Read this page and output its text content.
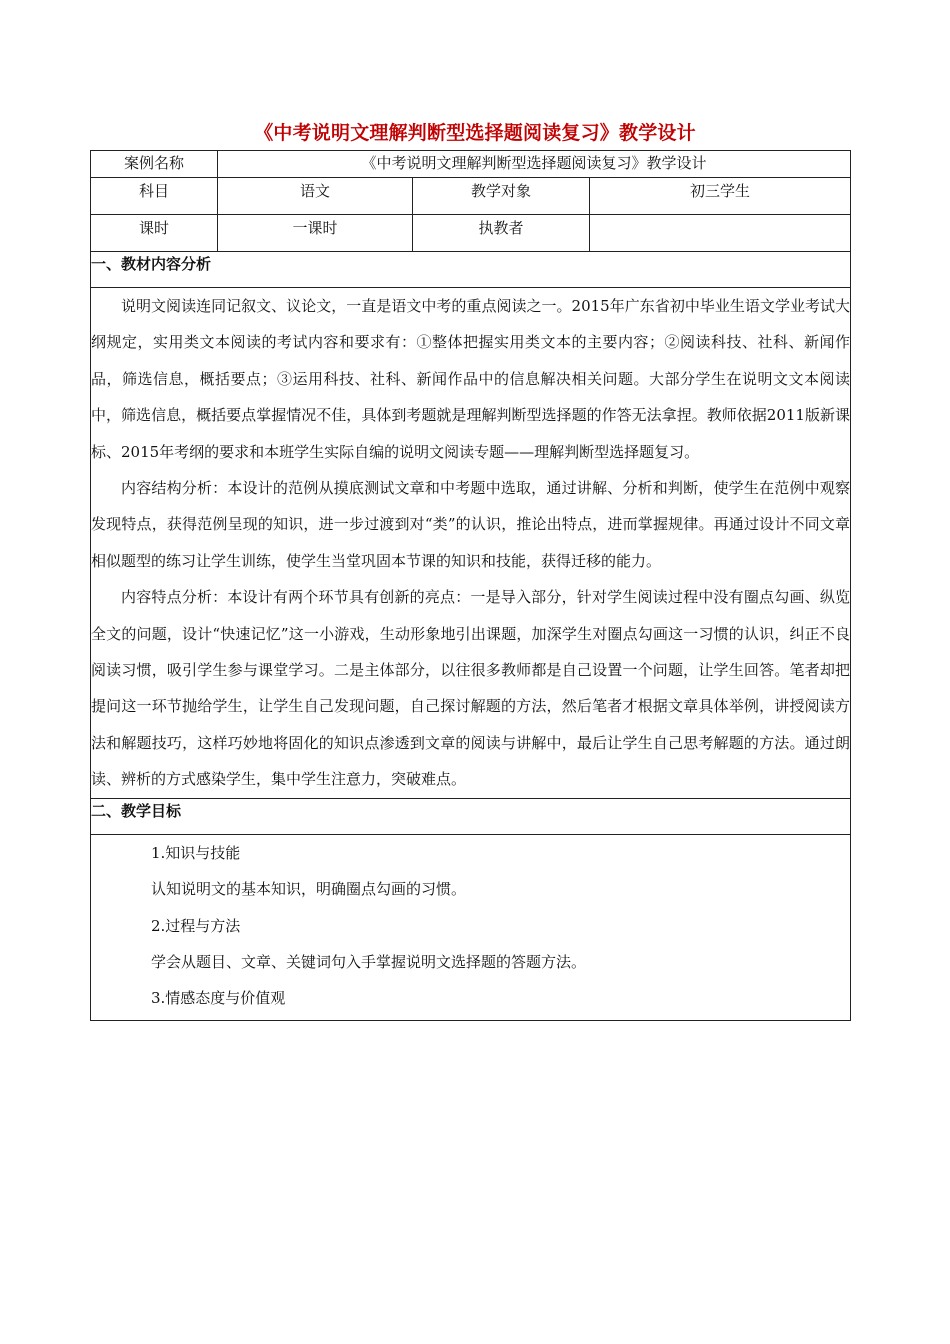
《中考说明文理解判断型选择题阅读复习》教学设计
案例名称	《中考说明文理解判断型选择题阅读复习》教学设计		
科目	语文	教学对象	初三学生
课时	一课时	执教者	
一、教材内容分析			

说明文阅读连同记叙文、议论文，一直是语文中考的重点阅读之一。2015年广东省初中毕业生语文学业考试大纲规定，实用类文本阅读的考试内容和要求有：①整体把握实用类文本的主要内容；②阅读科技、社科、新闻作品，筛选信息，概括要点；③运用科技、社科、新闻作品中的信息解决相关问题。大部分学生在说明文文本阅读中，筛选信息，概括要点掌握情况不佳，具体到考题就是理解判断型选择题的作答无法拿捏。教师依据2011版新课标、2015年考纲的要求和本班学生实际自编的说明文阅读专题——理解判断型选择题复习。

内容结构分析：本设计的范例从摸底测试文章和中考题中选取，通过讲解、分析和判断，使学生在范例中观察发现特点，获得范例呈现的知识，进一步过渡到对“类”的认识，推论出特点，进而掌握规律。再通过设计不同文章相似题型的练习让学生训练，使学生当堂巩固本节课的知识和技能，获得迁移的能力。

内容特点分析：本设计有两个环节具有创新的亮点：一是导入部分，针对学生阅读过程中没有圈点勾画、纵览全文的问题，设计“快速记忆”这一小游戏，生动形象地引出课题，加深学生对圈点勾画这一习惯的认识，纠正不良阅读习惯，吸引学生参与课堂学习。二是主体部分，以往很多教师都是自己设置一个问题，让学生回答。笔者却把提问这一环节抛给学生，让学生自己发现问题，自己探讨解题的方法，然后笔者才根据文章具体举例，讲授阅读方法和解题技巧，这样巧妙地将固化的知识点渗透到文章的阅读与讲解中，最后让学生自己思考解题的方法。通过朗读、辨析的方式感染学生，集中学生注意力，突破难点。			

二、教学目标			

1.知识与技能

认知说明文的基本知识，明确圈点勾画的习惯。

2.过程与方法

学会从题目、文章、关键词句入手掌握说明文选择题的答题方法。

3.情感态度与价值观			
